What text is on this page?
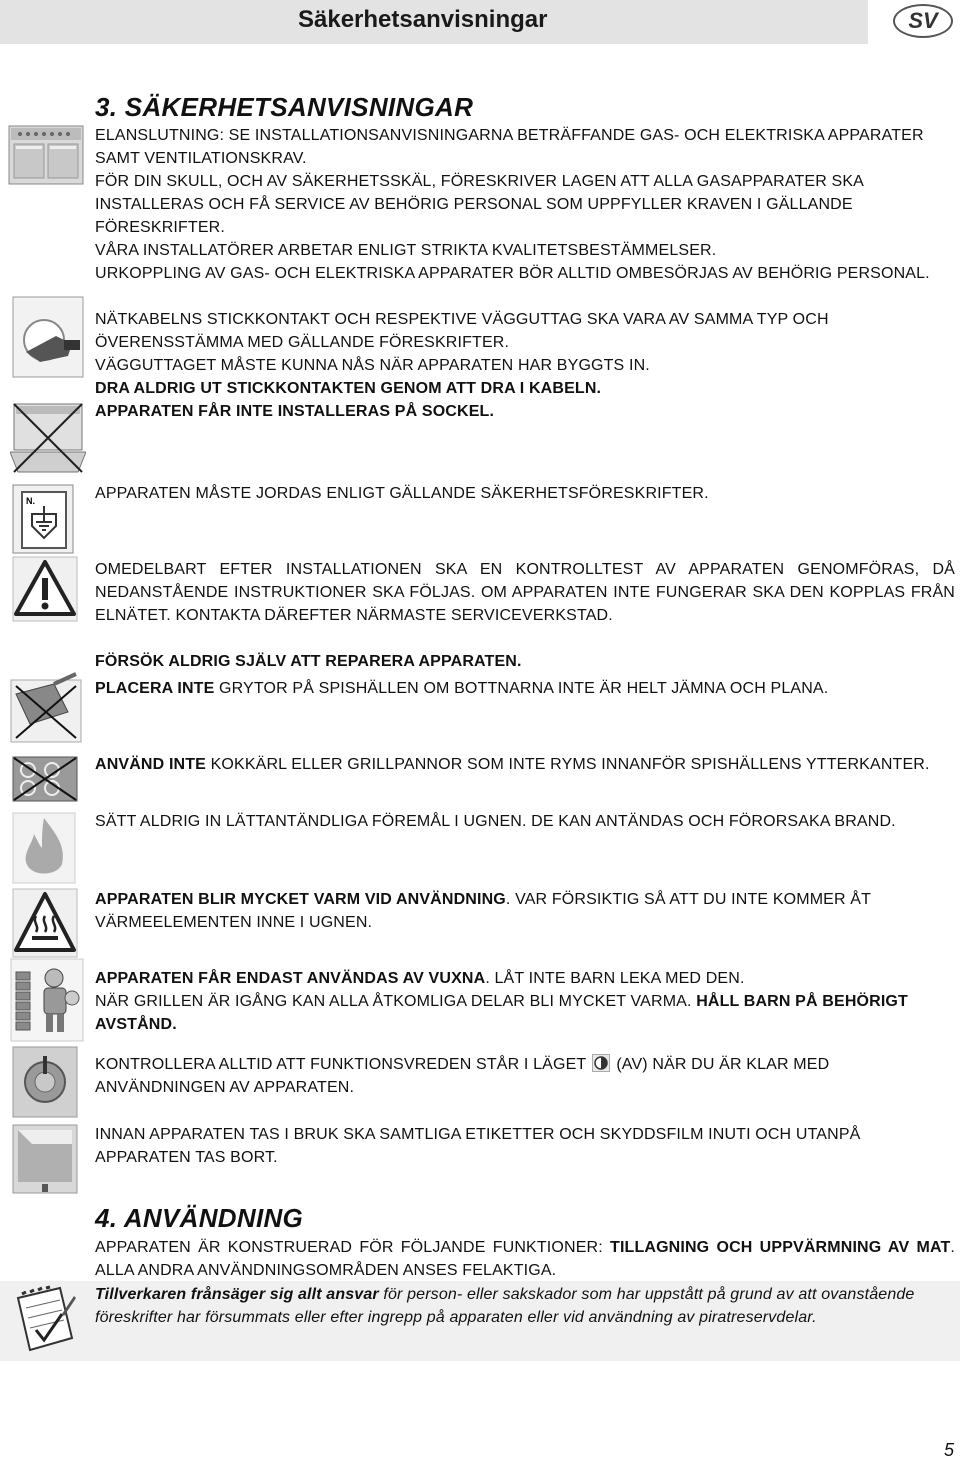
Säkerhetsanvisningar	SV
3. SÄKERHETSANVISNINGAR
ELANSLUTNING: SE INSTALLATIONSANVISNINGARNA BETRÄFFANDE GAS- OCH ELEKTRISKA APPARATER SAMT VENTILATIONSKRAV.
FÖR DIN SKULL, OCH AV SÄKERHETSSKÄL, FÖRESKRIVER LAGEN ATT ALLA GASAPPARATER SKA INSTALLERAS OCH FÅ SERVICE AV BEHÖRIG PERSONAL SOM UPPFYLLER KRAVEN I GÄLLANDE FÖRESKRIFTER.
VÅRA INSTALLATÖRER ARBETAR ENLIGT STRIKTA KVALITETSBESTÄMMELSER.
URKOPPLING AV GAS- OCH ELEKTRISKA APPARATER BÖR ALLTID OMBESÖRJAS AV BEHÖRIG PERSONAL.
NÄTKABELNS STICKKONTAKT OCH RESPEKTIVE VÄGGUTTAG SKA VARA AV SAMMA TYP OCH ÖVERENSSTÄMMA MED GÄLLANDE FÖRESKRIFTER.
VÄGGUTTAGET MÅSTE KUNNA NÅS NÄR APPARATEN HAR BYGGTS IN.
DRA ALDRIG UT STICKKONTAKTEN GENOM ATT DRA I KABELN.
APPARATEN FÅR INTE INSTALLERAS PÅ SOCKEL.
N.	APPARATEN MÅSTE JORDAS ENLIGT GÄLLANDE SÄKERHETSFÖRESKRIFTER.
OMEDELBART EFTER INSTALLATIONEN SKA EN KONTROLLTEST AV APPARATEN GENOMFÖRAS, DÅ NEDANSTÅENDE INSTRUKTIONER SKA FÖLJAS. OM APPARATEN INTE FUNGERAR SKA DEN KOPPLAS FRÅN ELNÄTET. KONTAKTA DÄREFTER NÄRMASTE SERVICEVERKSTAD.
FÖRSÖK ALDRIG SJÄLV ATT REPARERA APPARATEN.
PLACERA INTE GRYTOR PÅ SPISHÄLLEN OM BOTTNARNA INTE ÄR HELT JÄMNA OCH PLANA.
ANVÄND INTE KOKKÄRL ELLER GRILLPANNOR SOM INTE RYMS INNANFÖR SPISHÄLLENS YTTERKANTER.
SÄTT ALDRIG IN LÄTTANTÄNDLIGA FÖREMÅL I UGNEN. DE KAN ANTÄNDAS OCH FÖRORSAKA BRAND.
APPARATEN BLIR MYCKET VARM VID ANVÄNDNING. VAR FÖRSIKTIG SÅ ATT DU INTE KOMMER ÅT VÄRMEELEMENTEN INNE I UGNEN.
APPARATEN FÅR ENDAST ANVÄNDAS AV VUXNA. LÅT INTE BARN LEKA MED DEN.
NÄR GRILLEN ÄR IGÅNG KAN ALLA ÅTKOMLIGA DELAR BLI MYCKET VARMA. HÅLL BARN PÅ BEHÖRIGT AVSTÅND.
KONTROLLERA ALLTID ATT FUNKTIONSVREDEN STÅR I LÄGET (AV) NÄR DU ÄR KLAR MED ANVÄNDNINGEN AV APPARATEN.
INNAN APPARATEN TAS I BRUK SKA SAMTLIGA ETIKETTER OCH SKYDDSFILM INUTI OCH UTANPÅ APPARATEN TAS BORT.
4. ANVÄNDNING
APPARATEN ÄR KONSTRUERAD FÖR FÖLJANDE FUNKTIONER: TILLAGNING OCH UPPVÄRMNING AV MAT. ALLA ANDRA ANVÄNDNINGSOMRÅDEN ANSES FELAKTIGA.
Tillverkaren frånsäger sig allt ansvar för person- eller sakskador som har uppstått på grund av att ovanstående föreskrifter har försummats eller efter ingrepp på apparaten eller vid användning av piratreservdelar.
5
